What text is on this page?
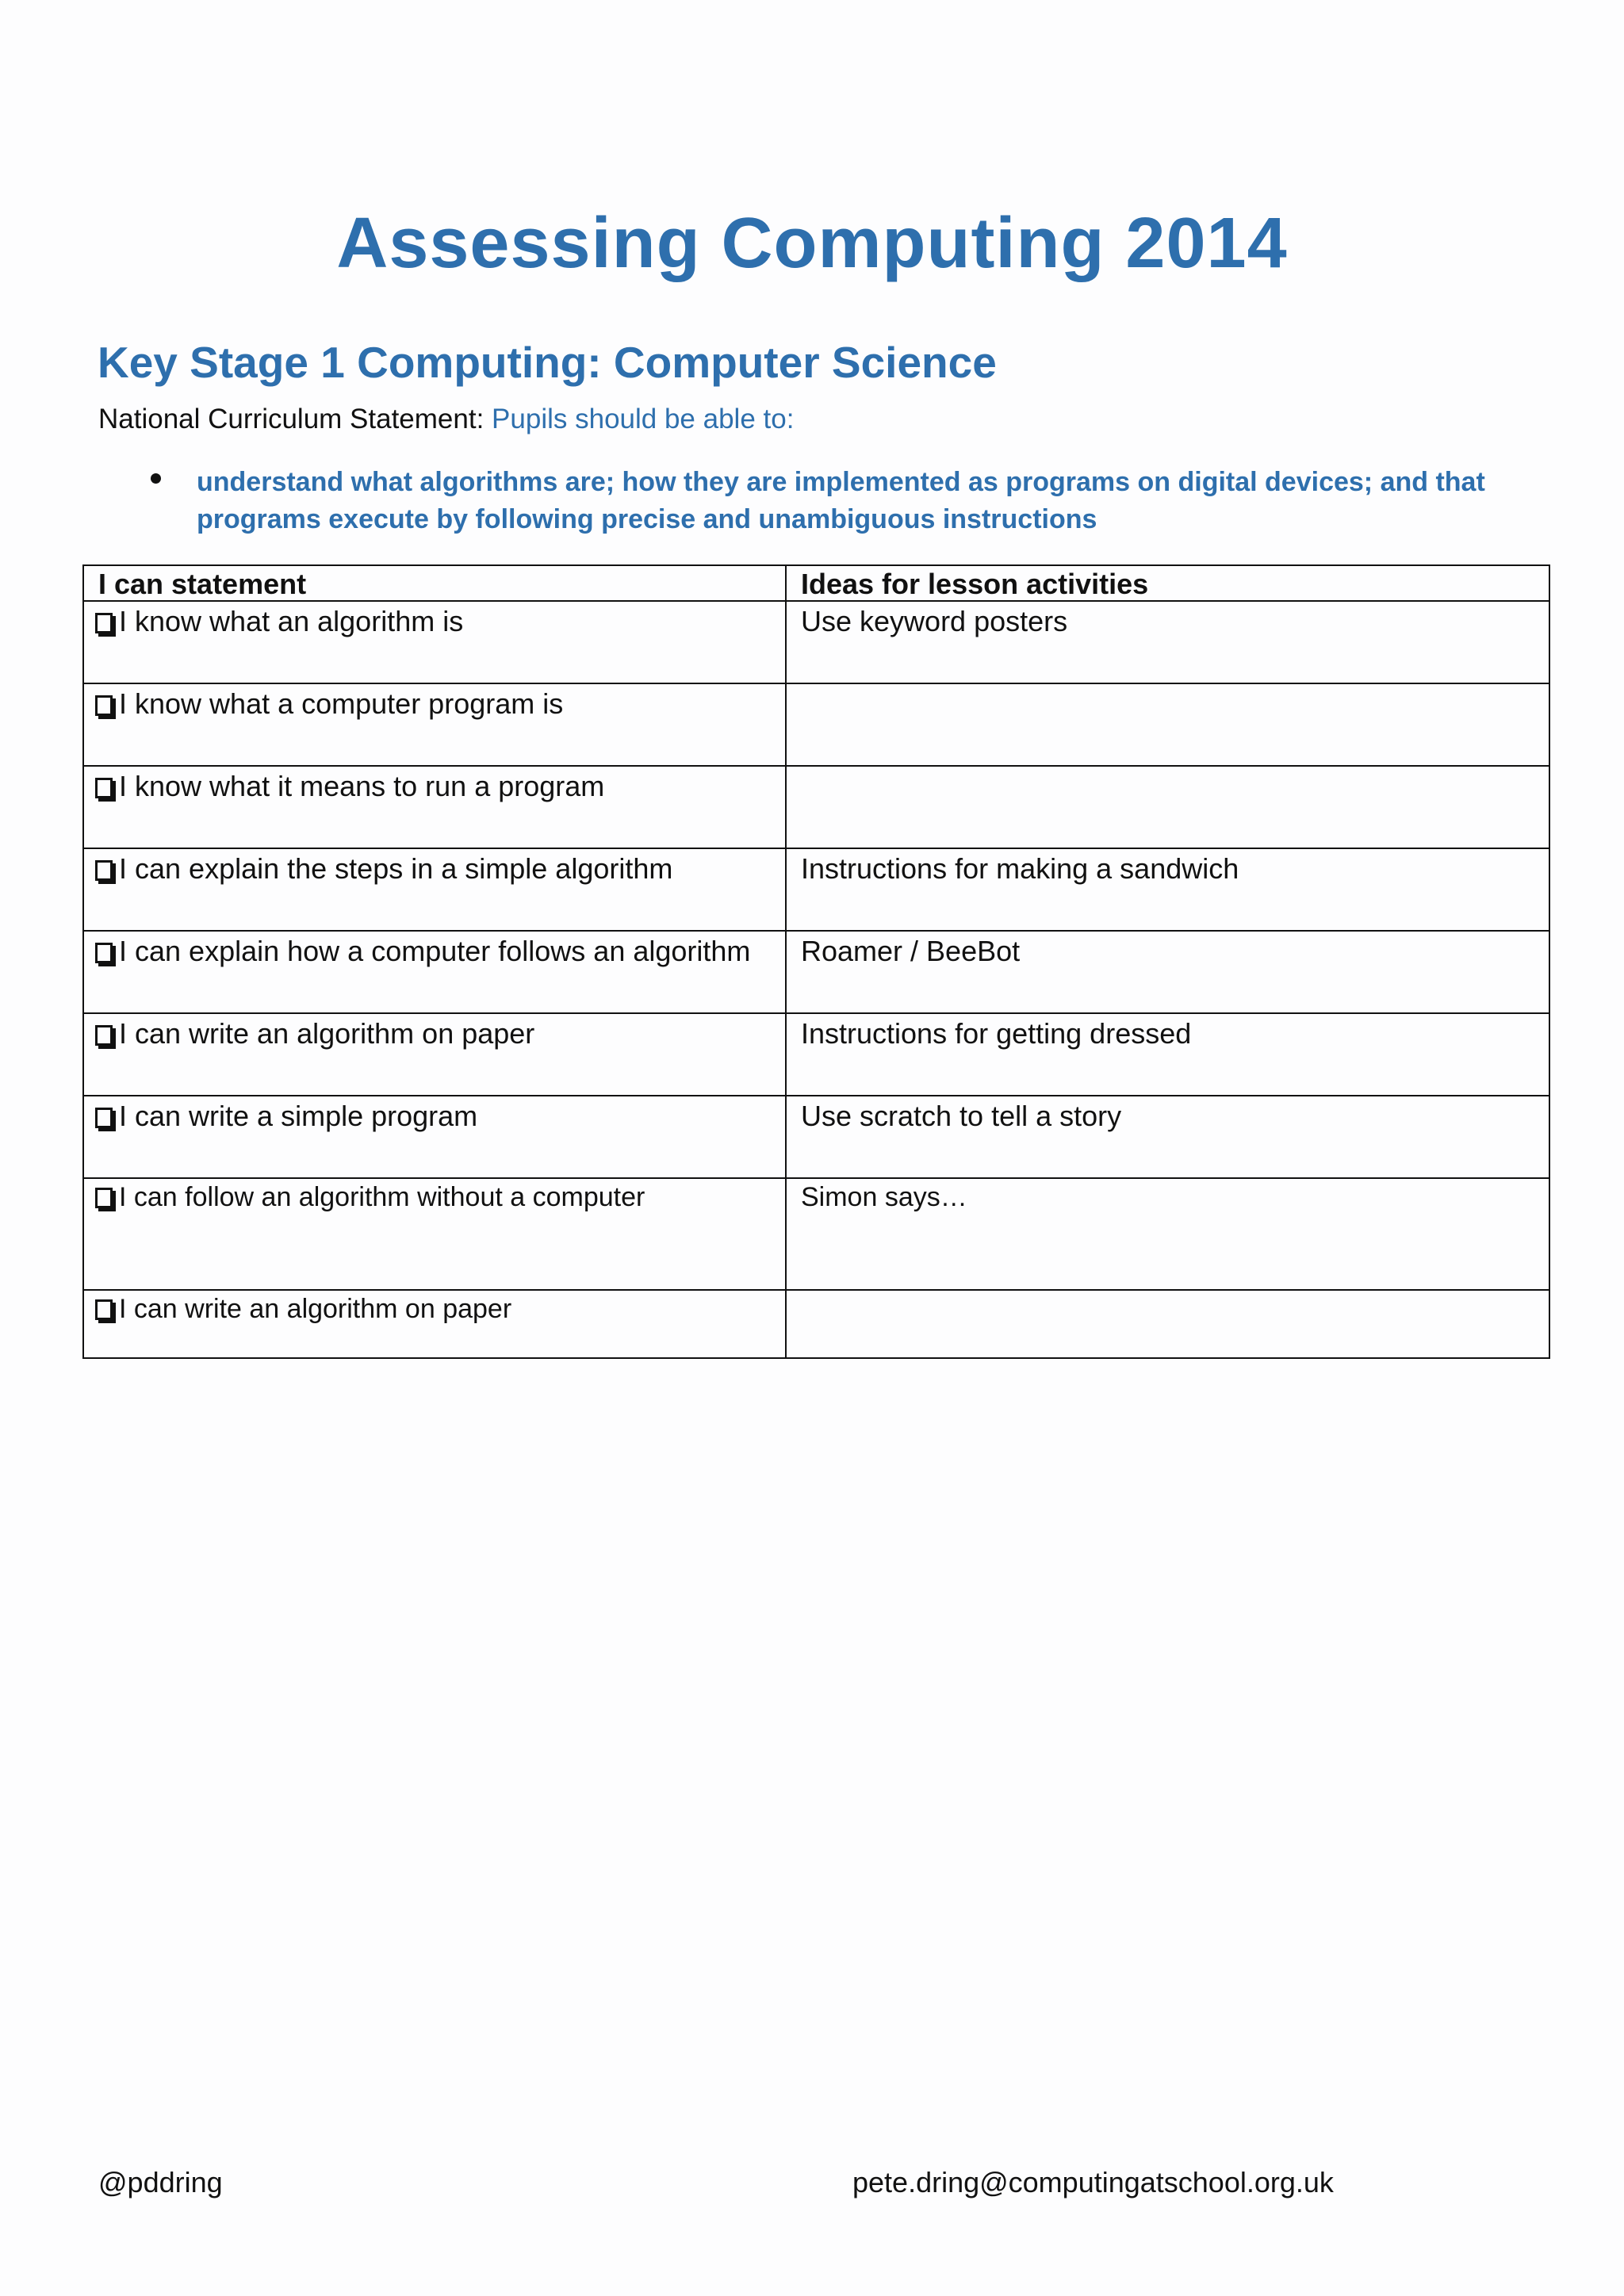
Assessing Computing 2014
Key Stage 1 Computing: Computer Science
National Curriculum Statement: Pupils should be able to:
understand what algorithms are; how they are implemented as programs on digital devices; and that programs execute by following precise and unambiguous instructions
I can statement	Ideas for lesson activities
I know what an algorithm is	Use keyword posters
I know what a computer program is	
I know what it means to run a program	
I can explain the steps in a simple algorithm	Instructions for making a sandwich
I can explain how a computer follows an algorithm	Roamer / BeeBot
I can write an algorithm on paper	Instructions for getting dressed
I can write a simple program	Use scratch to tell a story
I can follow an algorithm without a computer	Simon says…
I can write an algorithm on paper	
@pddring	pete.dring@computingatschool.org.uk
